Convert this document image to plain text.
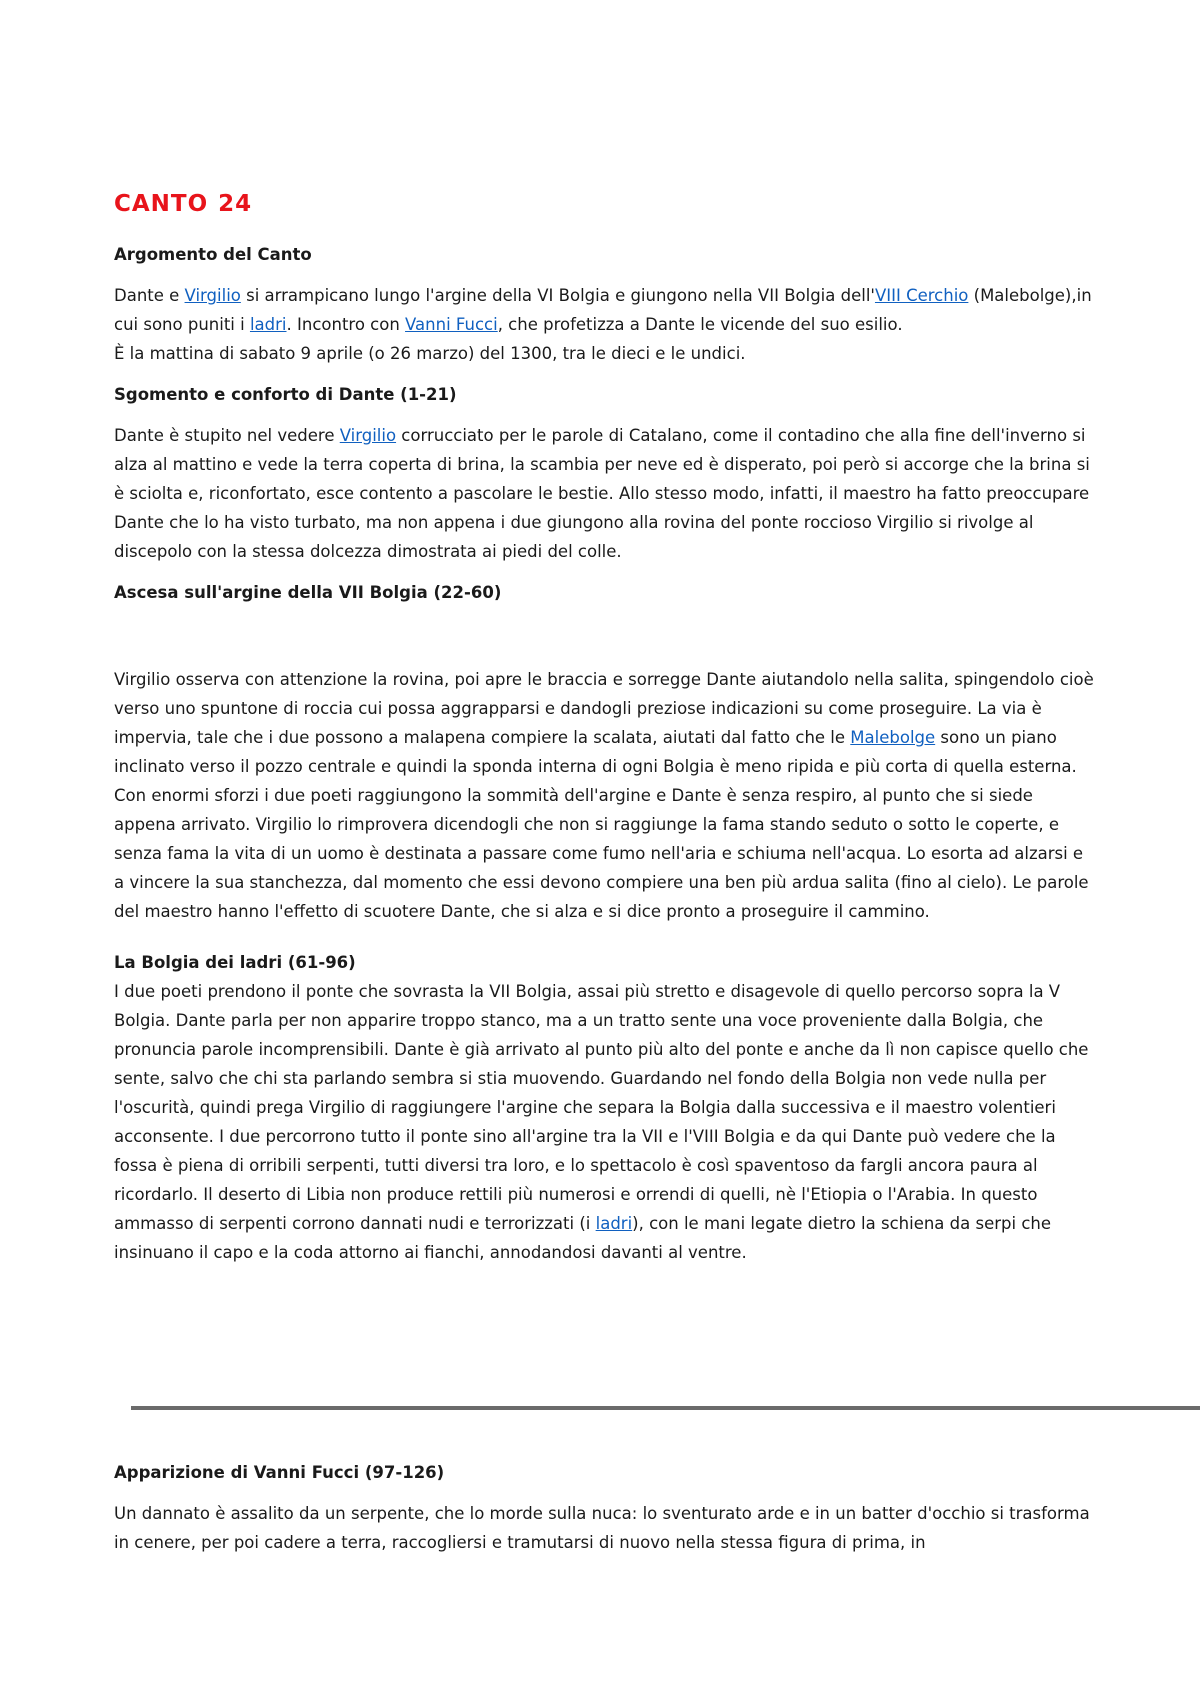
CANTO 24
Argomento del Canto

Dante e Virgilio si arrampicano lungo l'argine della VI Bolgia e giungono nella VII Bolgia dell'VIII Cerchio (Malebolge),in cui sono puniti i ladri. Incontro con Vanni Fucci, che profetizza a Dante le vicende del suo esilio.

È la mattina di sabato 9 aprile (o 26 marzo) del 1300, tra le dieci e le undici.

Sgomento e conforto di Dante (1-21)

Dante è stupito nel vedere Virgilio corrucciato per le parole di Catalano, come il contadino che alla fine dell'inverno si alza al mattino e vede la terra coperta di brina, la scambia per neve ed è disperato, poi però si accorge che la brina si è sciolta e, riconfortato, esce contento a pascolare le bestie. Allo stesso modo, infatti, il maestro ha fatto preoccupare Dante che lo ha visto turbato, ma non appena i due giungono alla rovina del ponte roccioso Virgilio si rivolge al discepolo con la stessa dolcezza dimostrata ai piedi del colle.

Ascesa sull'argine della VII Bolgia (22-60)

Virgilio osserva con attenzione la rovina, poi apre le braccia e sorregge Dante aiutandolo nella salita, spingendolo cioè verso uno spuntone di roccia cui possa aggrapparsi e dandogli preziose indicazioni su come proseguire. La via è impervia, tale che i due possono a malapena compiere la scalata, aiutati dal fatto che le Malebolge sono un piano inclinato verso il pozzo centrale e quindi la sponda interna di ogni Bolgia è meno ripida e più corta di quella esterna. Con enormi sforzi i due poeti raggiungono la sommità dell'argine e Dante è senza respiro, al punto che si siede appena arrivato. Virgilio lo rimprovera dicendogli che non si raggiunge la fama stando seduto o sotto le coperte, e senza fama la vita di un uomo è destinata a passare come fumo nell'aria e schiuma nell'acqua. Lo esorta ad alzarsi e a vincere la sua stanchezza, dal momento che essi devono compiere una ben più ardua salita (fino al cielo). Le parole del maestro hanno l'effetto di scuotere Dante, che si alza e si dice pronto a proseguire il cammino.

La Bolgia dei ladri (61-96)

I due poeti prendono il ponte che sovrasta la VII Bolgia, assai più stretto e disagevole di quello percorso sopra la V Bolgia. Dante parla per non apparire troppo stanco, ma a un tratto sente una voce proveniente dalla Bolgia, che pronuncia parole incomprensibili. Dante è già arrivato al punto più alto del ponte e anche da lì non capisce quello che sente, salvo che chi sta parlando sembra si stia muovendo. Guardando nel fondo della Bolgia non vede nulla per l'oscurità, quindi prega Virgilio di raggiungere l'argine che separa la Bolgia dalla successiva e il maestro volentieri acconsente. I due percorrono tutto il ponte sino all'argine tra la VII e l'VIII Bolgia e da qui Dante può vedere che la fossa è piena di orribili serpenti, tutti diversi tra loro, e lo spettacolo è così spaventoso da fargli ancora paura al ricordarlo. Il deserto di Libia non produce rettili più numerosi e orrendi di quelli, nè l'Etiopia o l'Arabia. In questo ammasso di serpenti corrono dannati nudi e terrorizzati (i ladri), con le mani legate dietro la schiena da serpi che insinuano il capo e la coda attorno ai fianchi, annodandosi davanti al ventre.

Apparizione di Vanni Fucci (97-126)

Un dannato è assalito da un serpente, che lo morde sulla nuca: lo sventurato arde e in un batter d'occhio si trasforma in cenere, per poi cadere a terra, raccogliersi e tramutarsi di nuovo nella stessa figura di prima, in
